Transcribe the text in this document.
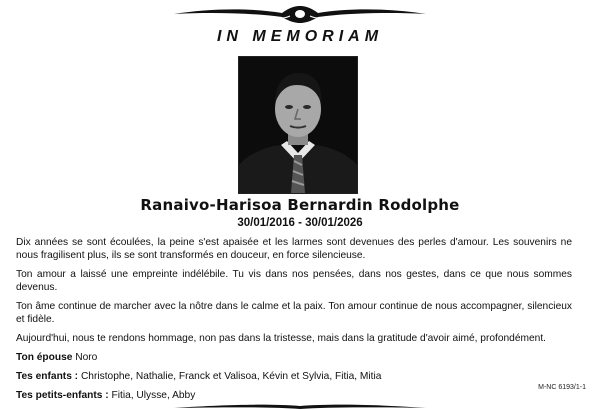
IN MEMORIAM
Ranaivo-Harisoa Bernardin Rodolphe
30/01/2016 - 30/01/2026

Dix années se sont écoulées, la peine s'est apaisée et les larmes sont devenues des perles d'amour. Les souvenirs ne nous fragilisent plus, ils se sont transformés en douceur, en force silencieuse.

Ton amour a laissé une empreinte indélébile. Tu vis dans nos pensées, dans nos gestes, dans ce que nous sommes devenus.

Ton âme continue de marcher avec la nôtre dans le calme et la paix. Ton amour continue de nous accompagner, silencieux et fidèle.

Aujourd'hui, nous te rendons hommage, non pas dans la tristesse, mais dans la gratitude d'avoir aimé, profondément.

Ton épouse Noro

Tes enfants : Christophe, Nathalie, Franck et Valisoa, Kévin et Sylvia, Fitia, Mitia

Tes petits-enfants : Fitia, Ulysse, Abby

M-NC 6193/1-1
